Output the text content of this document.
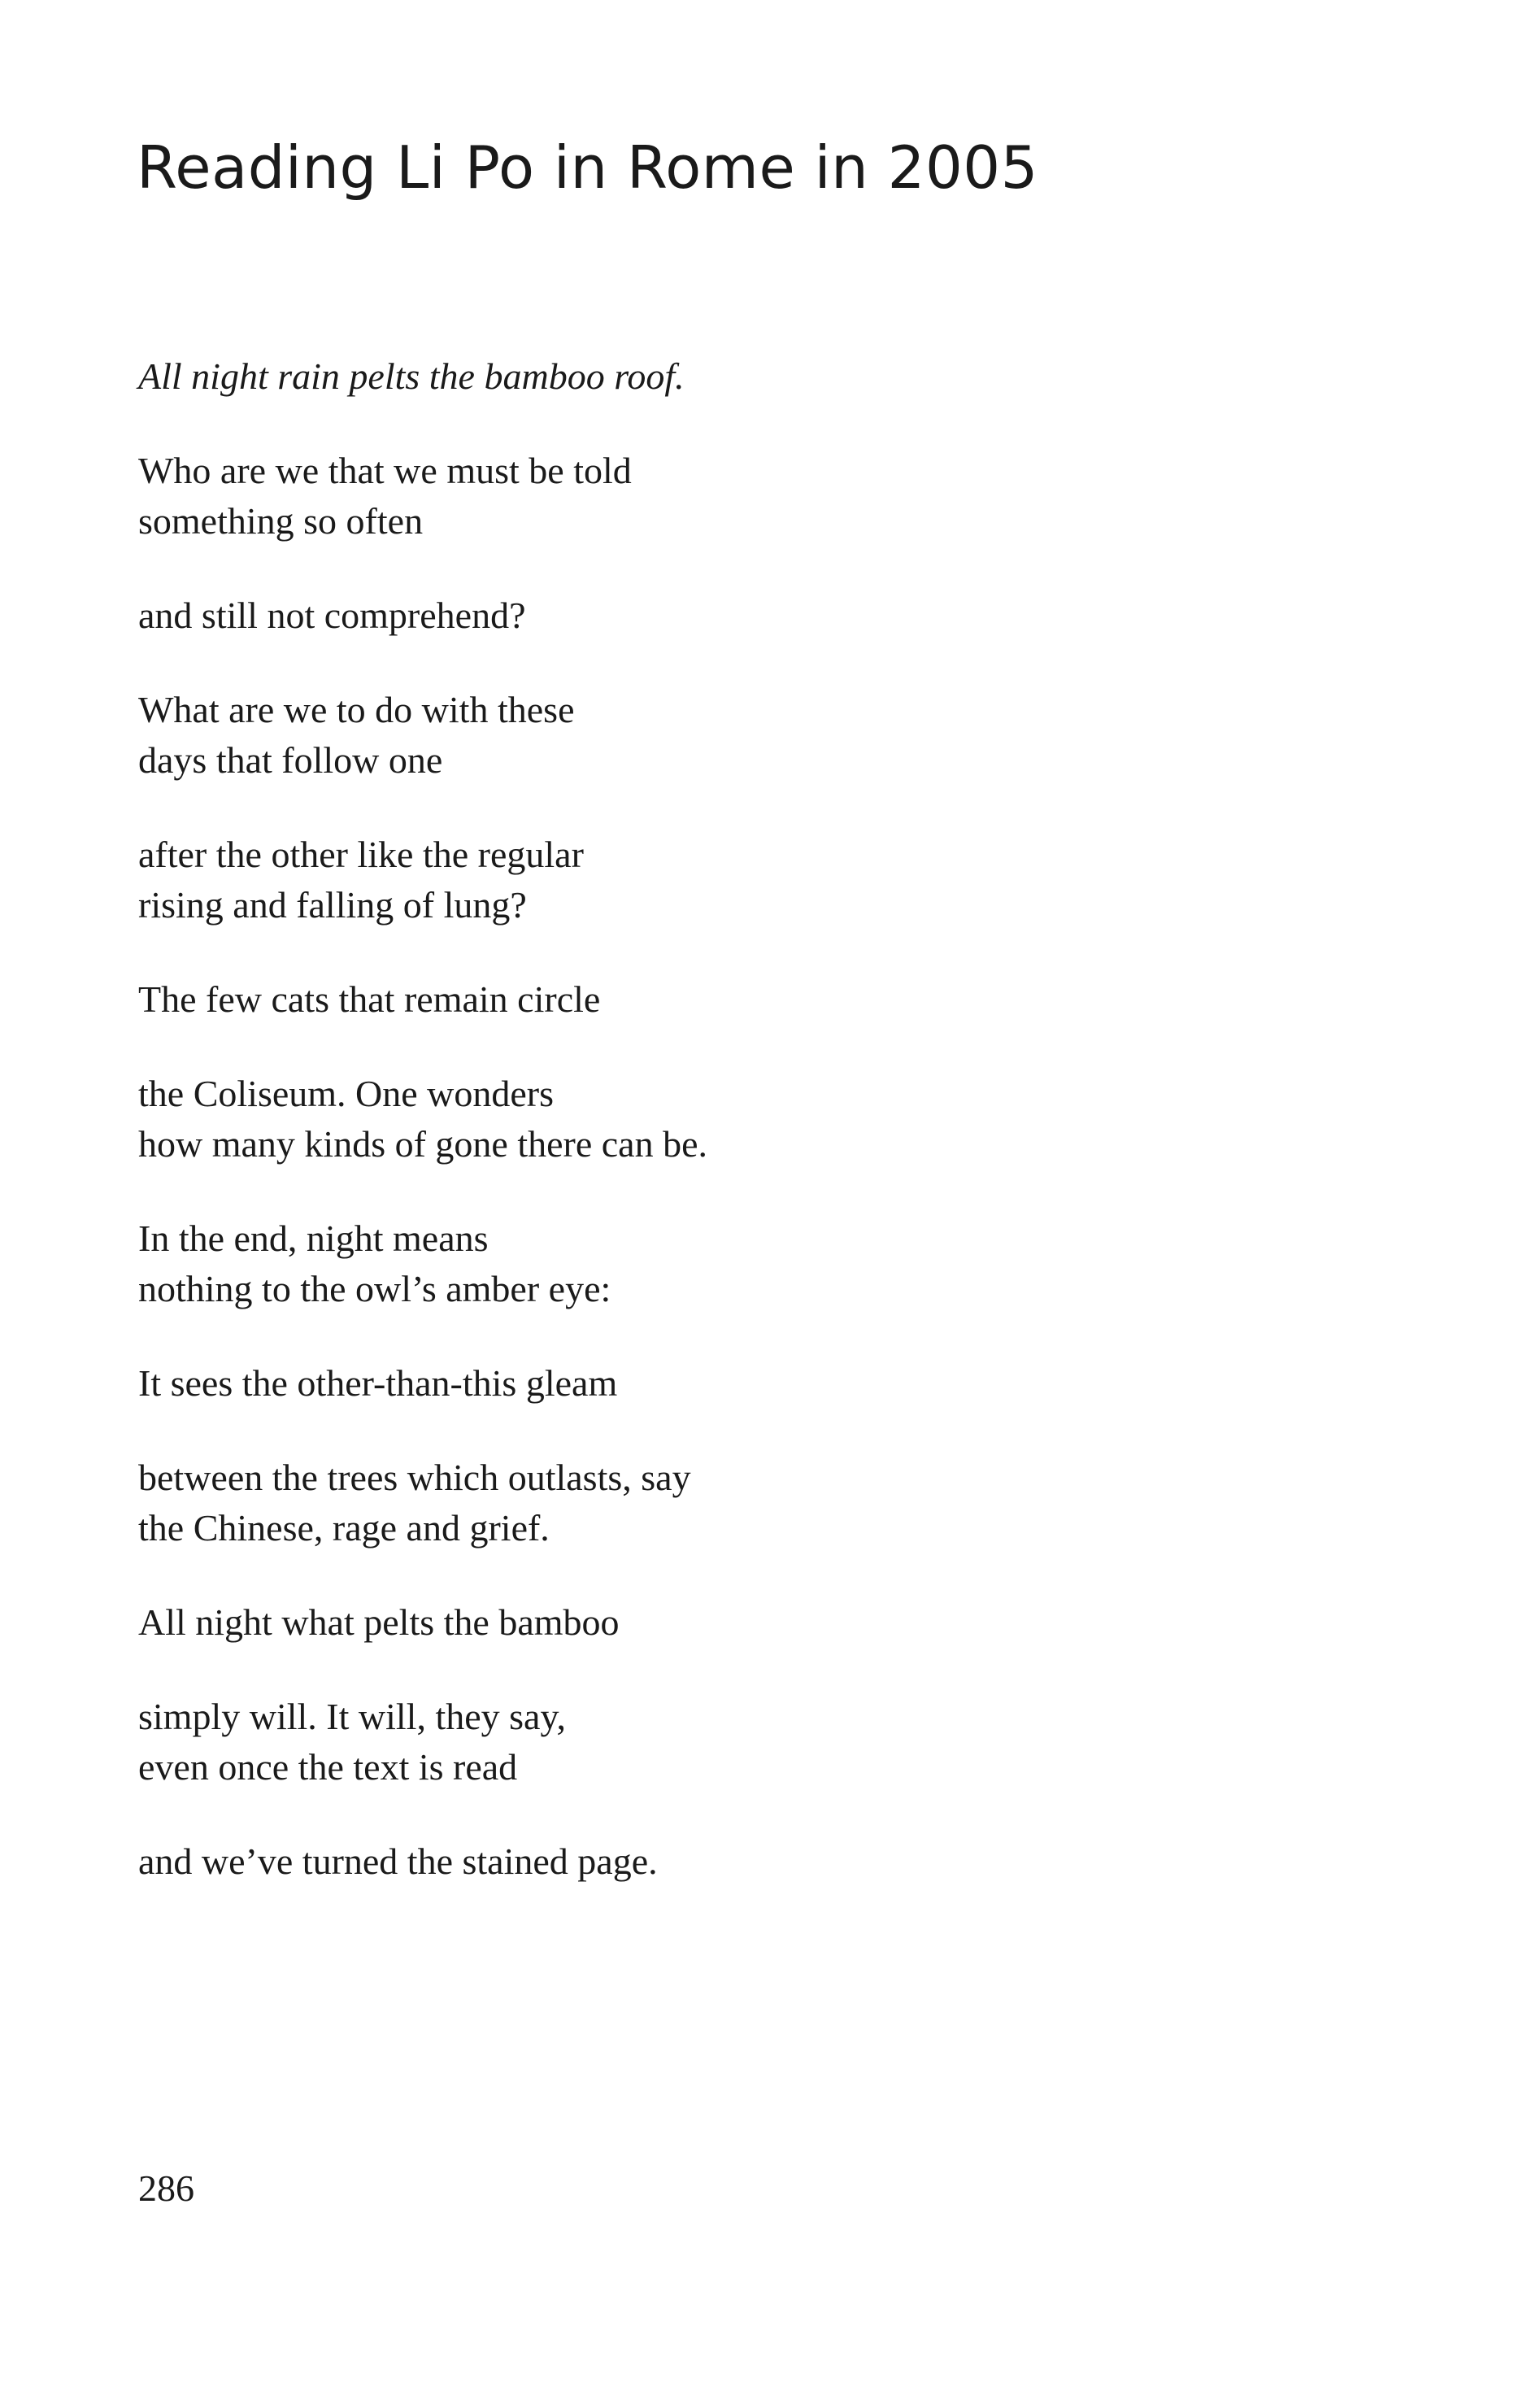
Reading Li Po in Rome in 2005
All night rain pelts the bamboo roof.
Who are we that we must be told
something so often
and still not comprehend?
What are we to do with these
days that follow one
after the other like the regular
rising and falling of lung?
The few cats that remain circle
the Coliseum. One wonders
how many kinds of gone there can be.
In the end, night means
nothing to the owl’s amber eye:
It sees the other-than-this gleam
between the trees which outlasts, say
the Chinese, rage and grief.
All night what pelts the bamboo
simply will. It will, they say,
even once the text is read
and we’ve turned the stained page.
286
